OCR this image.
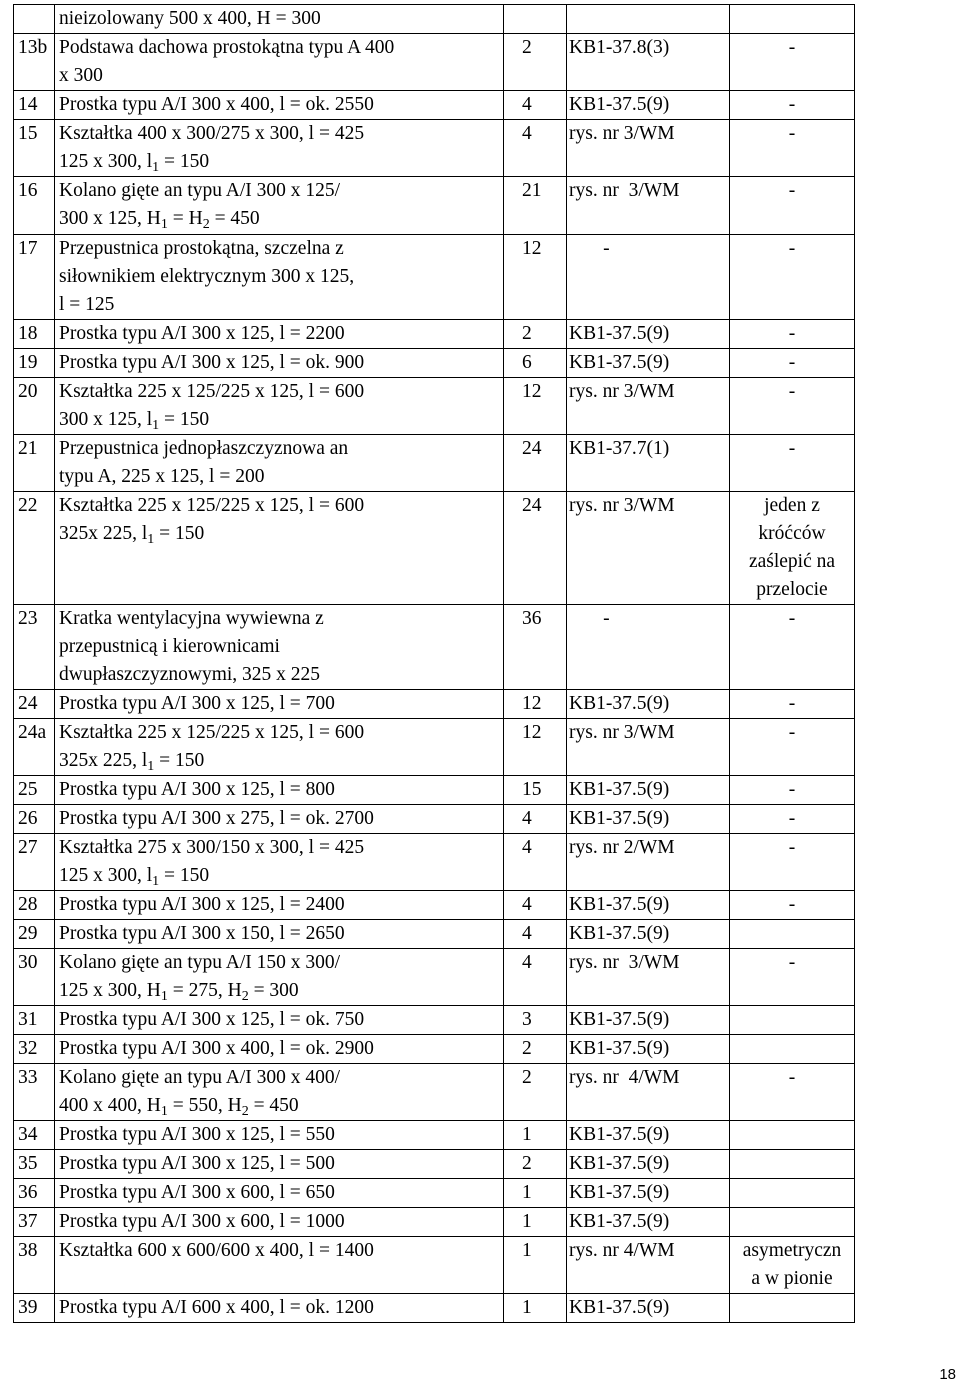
	nieizolowany 500 x 400, H = 300			

13b	Podstawa dachowa prostokątna typu A 400
x 300	2	KB1-37.8(3)	-

14	Prostka typu A/I 300 x 400, l = ok. 2550	4	KB1-37.5(9)	-

15	Kształtka 400 x 300/275 x 300, l = 425
125 x 300, $l_1 = 150$	4	rys. nr 3/WM	-

16	Kolano gięte an typu A/I 300 x 125/
300 x 125, $H_1 = H_2 = 450$	21	rys. nr  3/WM	-

17	Przepustnica prostokątna, szczelna z
siłownikiem elektrycznym 300 x 125,
l = 125	12	-	-

18	Prostka typu A/I 300 x 125, l = 2200	2	KB1-37.5(9)	-

19	Prostka typu A/I 300 x 125, l = ok. 900	6	KB1-37.5(9)	-

20	Kształtka 225 x 125/225 x 125, l = 600
300 x 125, $l_1 = 150$	12	rys. nr 3/WM	-

21	Przepustnica jednopłaszczyznowa an
typu A, 225 x 125, l = 200	24	KB1-37.7(1)	-

22	Kształtka 225 x 125/225 x 125, l = 600
325x 225, $l_1 = 150$	24	rys. nr 3/WM	jeden z
króćców
zaślepić na
przelocie

23	Kratka wentylacyjna wywiewna z
przepustnicą i kierownicami
dwupłaszczyznowymi, 325 x 225	36	-	-

24	Prostka typu A/I 300 x 125, l = 700	12	KB1-37.5(9)	-

24a	Kształtka 225 x 125/225 x 125, l = 600
325x 225, $l_1 = 150$	12	rys. nr 3/WM	-

25	Prostka typu A/I 300 x 125, l = 800	15	KB1-37.5(9)	-

26	Prostka typu A/I 300 x 275, l = ok. 2700	4	KB1-37.5(9)	-

27	Kształtka 275 x 300/150 x 300, l = 425
125 x 300, $l_1 = 150$	4	rys. nr 2/WM	-

28	Prostka typu A/I 300 x 125, l = 2400	4	KB1-37.5(9)	-

29	Prostka typu A/I 300 x 150, l = 2650	4	KB1-37.5(9)	
30	Kolano gięte an typu A/I 150 x 300/
125 x 300, $H_1 = 275$, $H_2 = 300$	4	rys. nr  3/WM	-

31	Prostka typu A/I 300 x 125, l = ok. 750	3	KB1-37.5(9)	
32	Prostka typu A/I 300 x 400, l = ok. 2900	2	KB1-37.5(9)	
33	Kolano gięte an typu A/I 300 x 400/
400 x 400, $H_1 = 550$, $H_2 = 450$	2	rys. nr  4/WM	-

34	Prostka typu A/I 300 x 125, l = 550	1	KB1-37.5(9)	
35	Prostka typu A/I 300 x 125, l = 500	2	KB1-37.5(9)	
36	Prostka typu A/I 300 x 600, l = 650	1	KB1-37.5(9)	
37	Prostka typu A/I 300 x 600, l = 1000	1	KB1-37.5(9)	
38	Kształtka 600 x 600/600 x 400, l = 1400	1	rys. nr 4/WM	asymetryczn
a w pionie

39	Prostka typu A/I 600 x 400, l = ok. 1200	1	KB1-37.5(9)	
18
